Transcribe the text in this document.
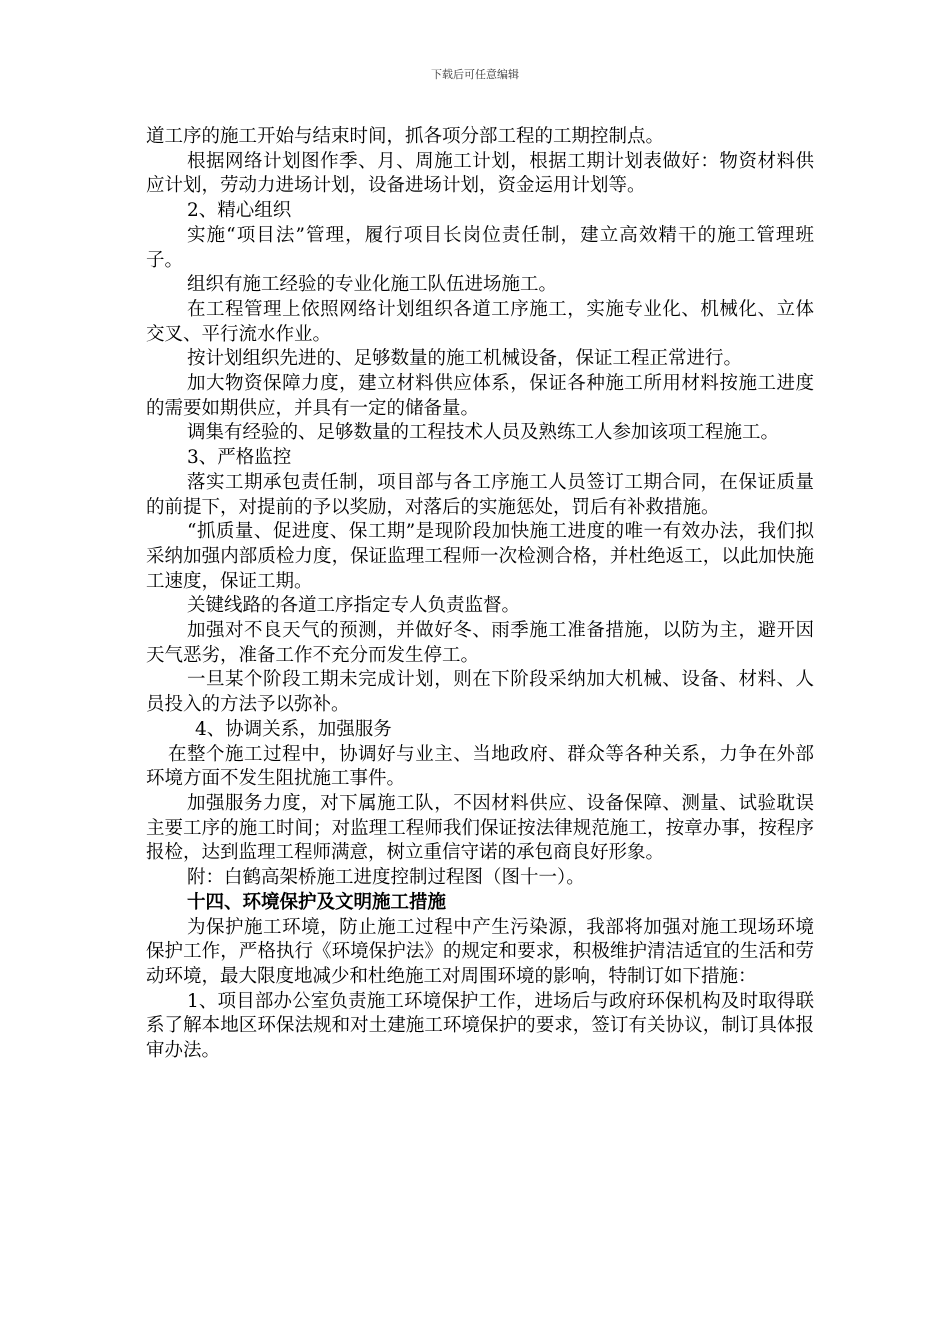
下载后可任意编辑

道工序的施工开始与结束时间，抓各项分部工程的工期控制点。

根据网络计划图作季、月、周施工计划，根据工期计划表做好：物资材料供应计划，劳动力进场计划，设备进场计划，资金运用计划等。

2、精心组织

实施“项目法”管理，履行项目长岗位责任制，建立高效精干的施工管理班子。

组织有施工经验的专业化施工队伍进场施工。

在工程管理上依照网络计划组织各道工序施工，实施专业化、机械化、立体交叉、平行流水作业。

按计划组织先进的、足够数量的施工机械设备，保证工程正常进行。

加大物资保障力度，建立材料供应体系，保证各种施工所用材料按施工进度的需要如期供应，并具有一定的储备量。

调集有经验的、足够数量的工程技术人员及熟练工人参加该项工程施工。

3、严格监控

落实工期承包责任制，项目部与各工序施工人员签订工期合同，在保证质量的前提下，对提前的予以奖励，对落后的实施惩处，罚后有补救措施。

“抓质量、促进度、保工期”是现阶段加快施工进度的唯一有效办法，我们拟采纳加强内部质检力度，保证监理工程师一次检测合格，并杜绝返工，以此加快施工速度，保证工期。

关键线路的各道工序指定专人负责监督。

加强对不良天气的预测，并做好冬、雨季施工准备措施，以防为主，避开因天气恶劣，准备工作不充分而发生停工。

一旦某个阶段工期未完成计划，则在下阶段采纳加大机械、设备、材料、人员投入的方法予以弥补。

4、协调关系，加强服务

在整个施工过程中，协调好与业主、当地政府、群众等各种关系，力争在外部环境方面不发生阻扰施工事件。

加强服务力度，对下属施工队，不因材料供应、设备保障、测量、试验耽误主要工序的施工时间；对监理工程师我们保证按法律规范施工，按章办事，按程序报检，达到监理工程师满意，树立重信守诺的承包商良好形象。

附：白鹤高架桥施工进度控制过程图（图十一）。

十四、环境保护及文明施工措施

为保护施工环境，防止施工过程中产生污染源，我部将加强对施工现场环境保护工作，严格执行《环境保护法》的规定和要求，积极维护清洁适宜的生活和劳动环境，最大限度地减少和杜绝施工对周围环境的影响，特制订如下措施：

1、项目部办公室负责施工环境保护工作，进场后与政府环保机构及时取得联系了解本地区环保法规和对土建施工环境保护的要求，签订有关协议，制订具体报审办法。
